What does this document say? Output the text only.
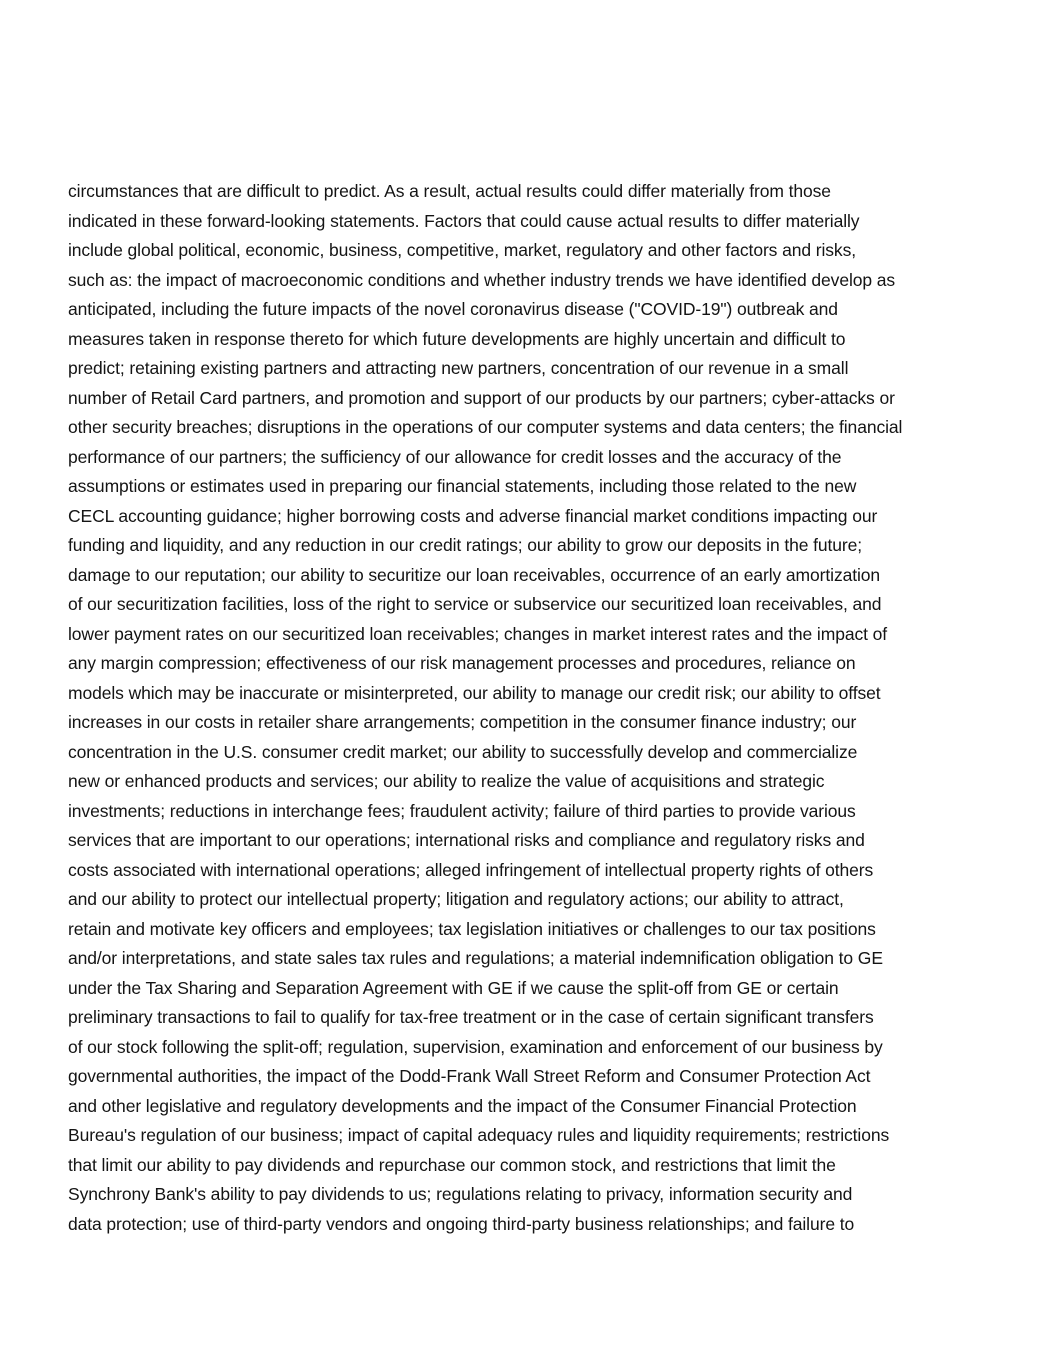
circumstances that are difficult to predict. As a result, actual results could differ materially from those
indicated in these forward-looking statements. Factors that could cause actual results to differ materially
include global political, economic, business, competitive, market, regulatory and other factors and risks,
such as: the impact of macroeconomic conditions and whether industry trends we have identified develop as
anticipated, including the future impacts of the novel coronavirus disease ("COVID-19") outbreak and
measures taken in response thereto for which future developments are highly uncertain and difficult to
predict; retaining existing partners and attracting new partners, concentration of our revenue in a small
number of Retail Card partners, and promotion and support of our products by our partners; cyber-attacks or
other security breaches; disruptions in the operations of our computer systems and data centers; the financial
performance of our partners; the sufficiency of our allowance for credit losses and the accuracy of the
assumptions or estimates used in preparing our financial statements, including those related to the new
CECL accounting guidance; higher borrowing costs and adverse financial market conditions impacting our
funding and liquidity, and any reduction in our credit ratings; our ability to grow our deposits in the future;
damage to our reputation; our ability to securitize our loan receivables, occurrence of an early amortization
of our securitization facilities, loss of the right to service or subservice our securitized loan receivables, and
lower payment rates on our securitized loan receivables; changes in market interest rates and the impact of
any margin compression; effectiveness of our risk management processes and procedures, reliance on
models which may be inaccurate or misinterpreted, our ability to manage our credit risk; our ability to offset
increases in our costs in retailer share arrangements; competition in the consumer finance industry; our
concentration in the U.S. consumer credit market; our ability to successfully develop and commercialize
new or enhanced products and services; our ability to realize the value of acquisitions and strategic
investments; reductions in interchange fees; fraudulent activity; failure of third parties to provide various
services that are important to our operations; international risks and compliance and regulatory risks and
costs associated with international operations; alleged infringement of intellectual property rights of others
and our ability to protect our intellectual property; litigation and regulatory actions; our ability to attract,
retain and motivate key officers and employees; tax legislation initiatives or challenges to our tax positions
and/or interpretations, and state sales tax rules and regulations; a material indemnification obligation to GE
under the Tax Sharing and Separation Agreement with GE if we cause the split-off from GE or certain
preliminary transactions to fail to qualify for tax-free treatment or in the case of certain significant transfers
of our stock following the split-off; regulation, supervision, examination and enforcement of our business by
governmental authorities, the impact of the Dodd-Frank Wall Street Reform and Consumer Protection Act
and other legislative and regulatory developments and the impact of the Consumer Financial Protection
Bureau's regulation of our business; impact of capital adequacy rules and liquidity requirements; restrictions
that limit our ability to pay dividends and repurchase our common stock, and restrictions that limit the
Synchrony Bank's ability to pay dividends to us; regulations relating to privacy, information security and
data protection; use of third-party vendors and ongoing third-party business relationships; and failure to
